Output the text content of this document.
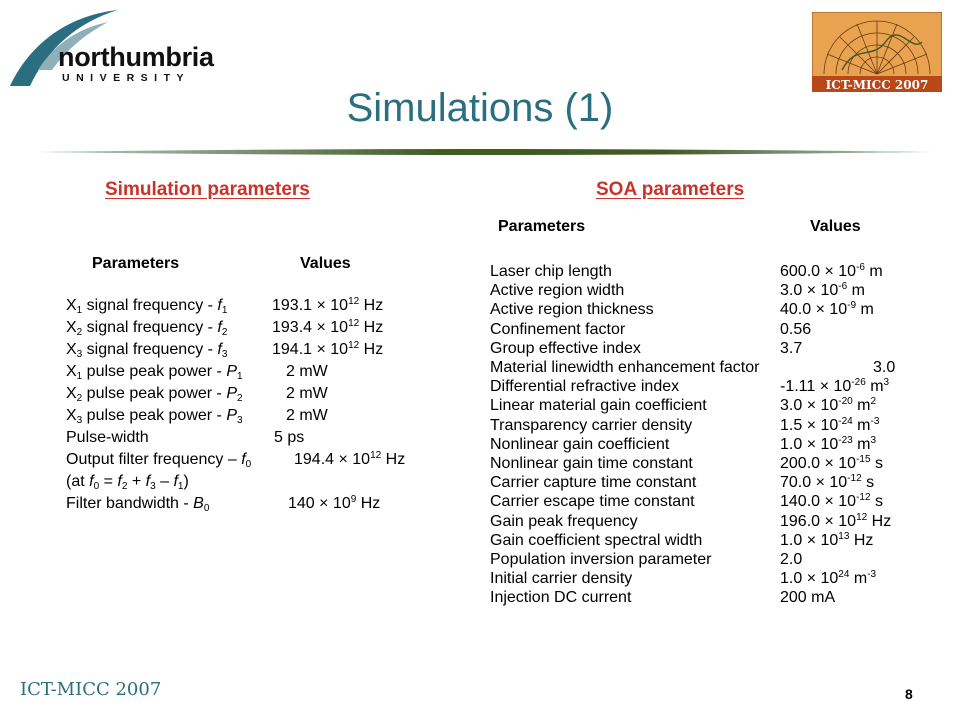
northumbria
UNIVERSITY	ICT-MICC 2007
Simulations (1)
Simulation parameters
Parameters	Values
$X_1$ signal frequency - $f_1$	$193.1 \times 10^{12}$ Hz
$X_2$ signal frequency - $f_2$	$193.4 \times 10^{12}$ Hz
$X_3$ signal frequency - $f_3$	$194.1 \times 10^{12}$ Hz
$X_1$ pulse peak power - $P_1$	2 mW
$X_2$ pulse peak power - $P_2$	2 mW
$X_3$ pulse peak power - $P_3$	2 mW
Pulse-width	5 ps
Output filter frequency – $f_0$	$194.4 \times 10^{12}$ Hz
(at $f_0 = f_2 + f_3 - f_1$)
Filter bandwidth - $B_0$	$140 \times 10^9$ Hz
SOA parameters
Parameters	Values
Laser chip length	$600.0 \times 10^{-6}$ m
Active region width	$3.0 \times 10^{-6}$ m
Active region thickness	$40.0 \times 10^{-9}$ m
Confinement factor	0.56
Group effective index	3.7
Material linewidth enhancement factor	3.0
Differential refractive index	$-1.11 \times 10^{-26}$ $m^3$
Linear material gain coefficient	$3.0 \times 10^{-20}$ $m^2$
Transparency carrier density	$1.5 \times 10^{-24}$ $m^{-3}$
Nonlinear gain coefficient	$1.0 \times 10^{-23}$ $m^3$
Nonlinear gain time constant	$200.0 \times 10^{-15}$ s
Carrier capture time constant	$70.0 \times 10^{-12}$ s
Carrier escape time constant	$140.0 \times 10^{-12}$ s
Gain peak frequency	$196.0 \times 10^{12}$ Hz
Gain coefficient spectral width	$1.0 \times 10^{13}$ Hz
Population inversion parameter	2.0
Initial carrier density	$1.0 \times 10^{24}$ $m^{-3}$
Injection DC current	200 mA
ICT-MICC 2007	8
